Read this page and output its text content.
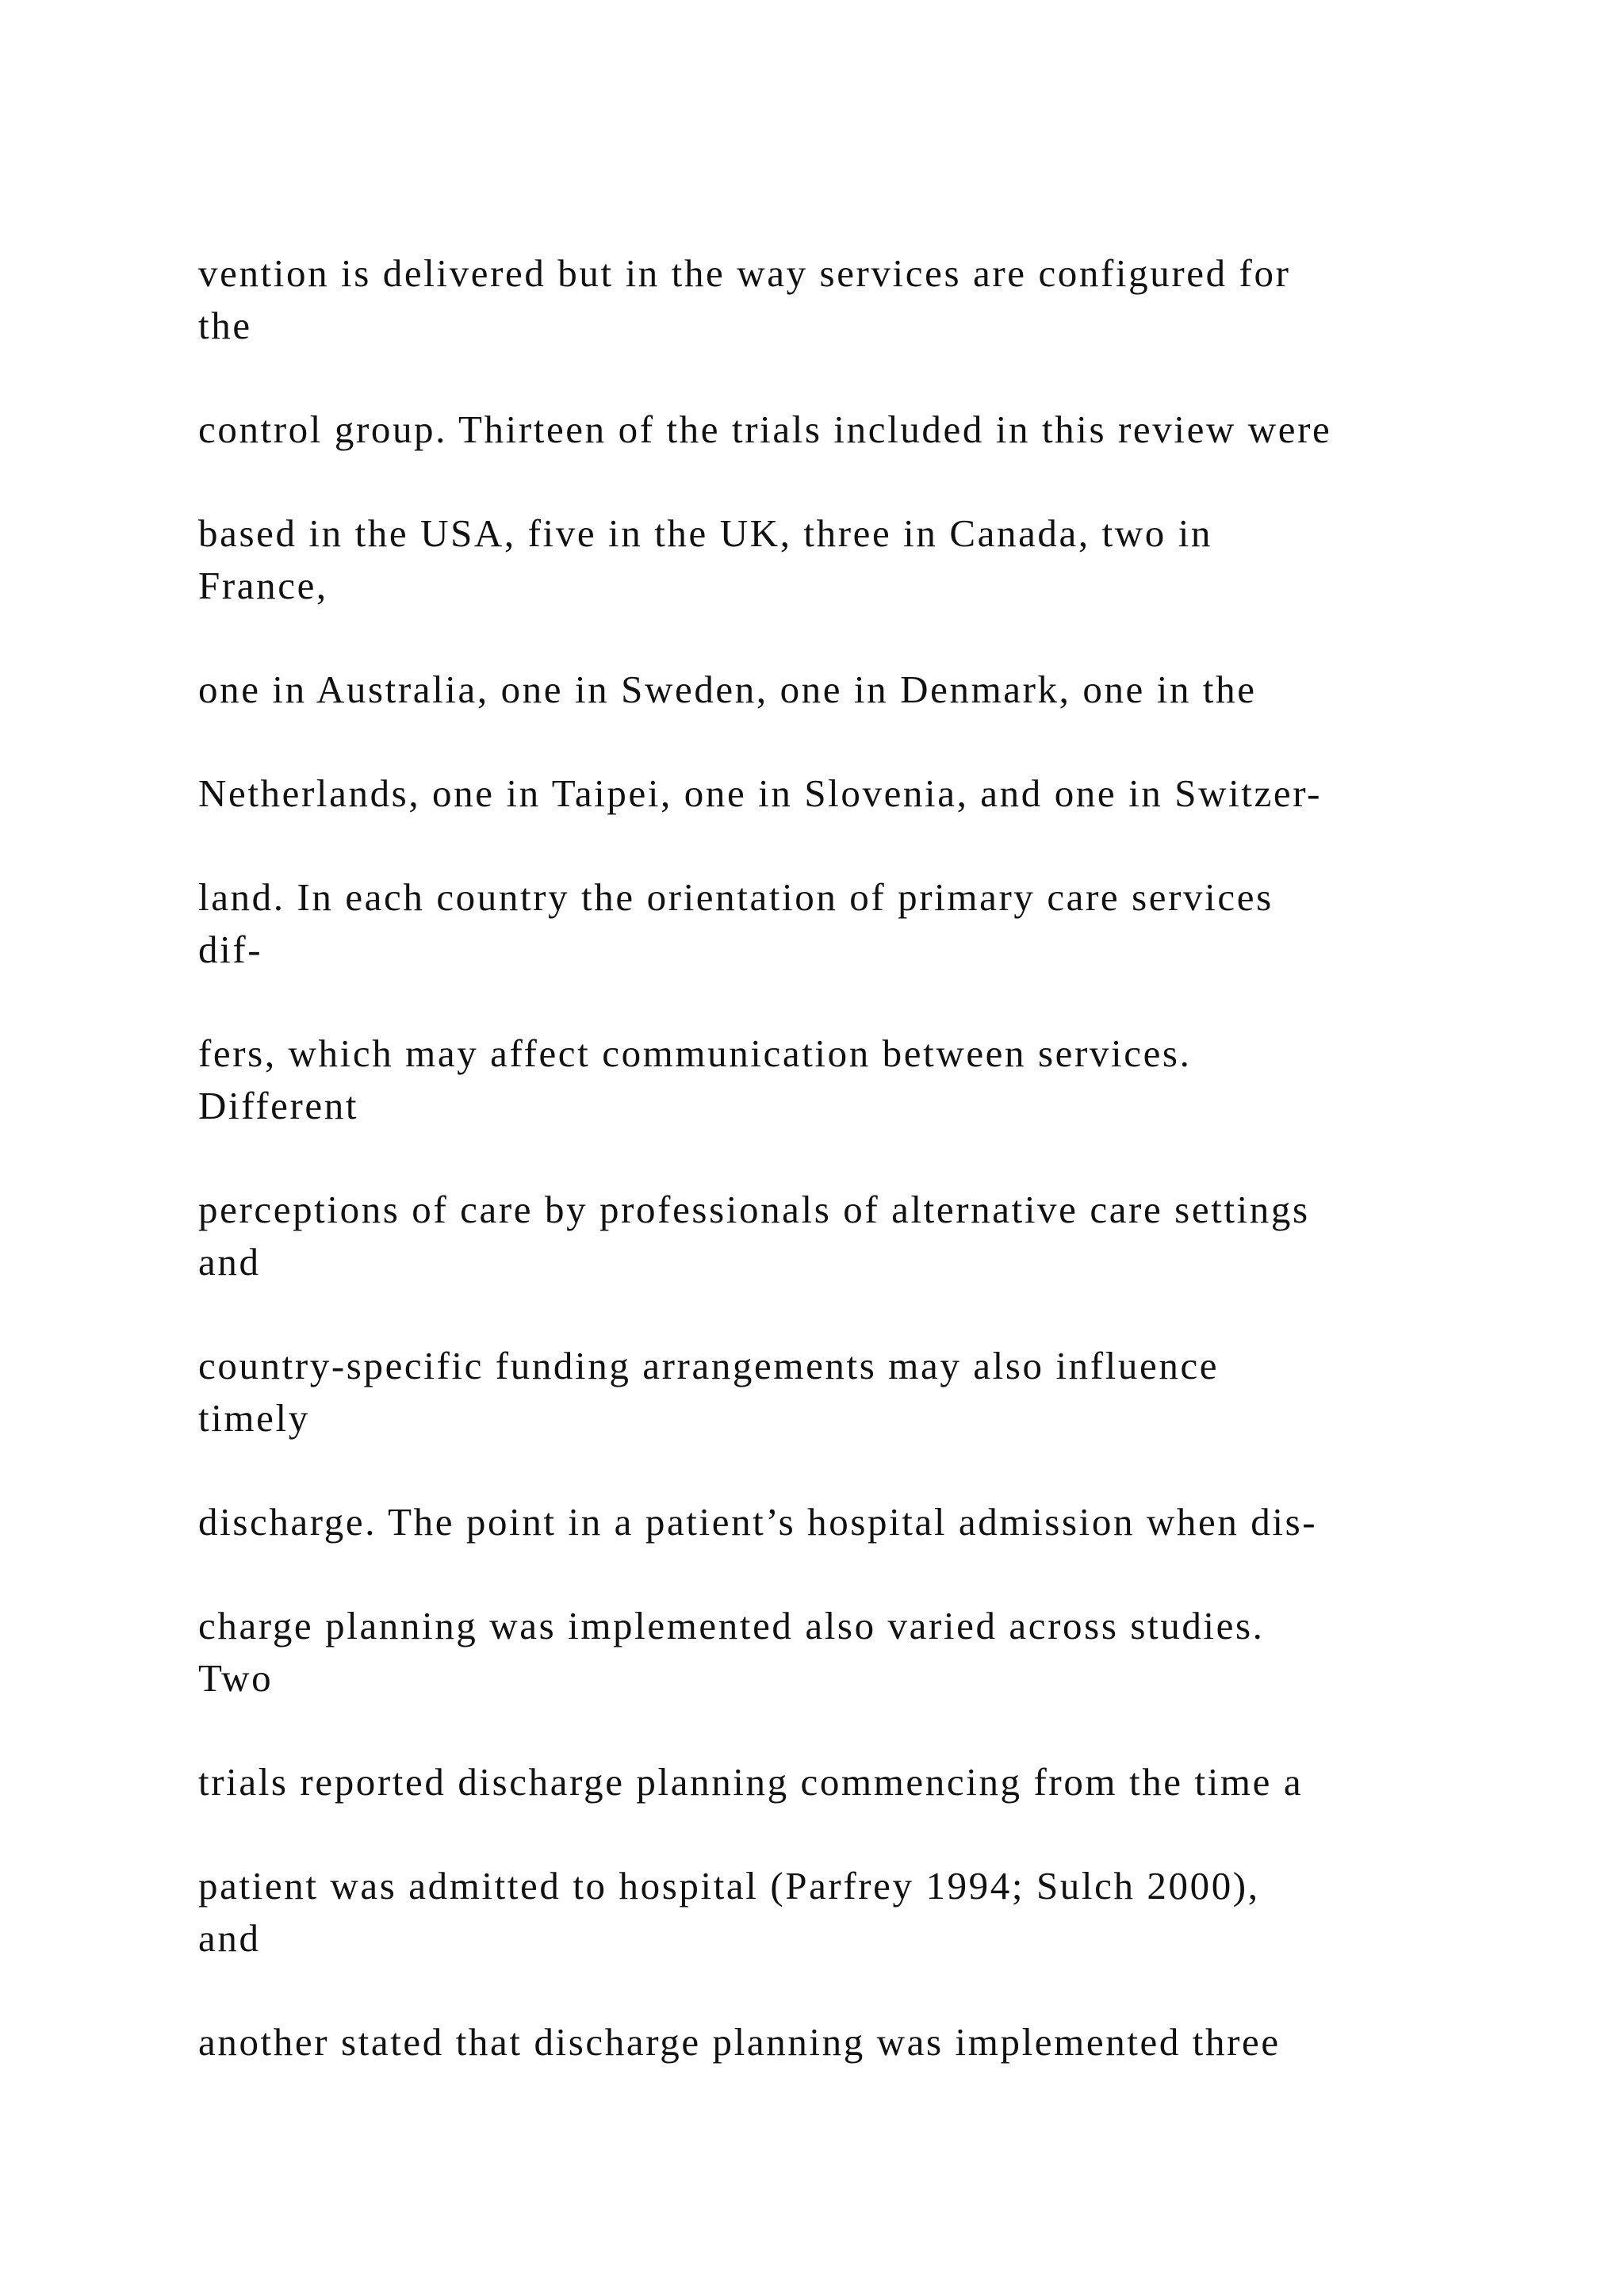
vention is delivered but in the way services are configured for
the

control group. Thirteen of the trials included in this review were

based in the USA, five in the UK, three in Canada, two in
France,

one in Australia, one in Sweden, one in Denmark, one in the

Netherlands, one in Taipei, one in Slovenia, and one in Switzer-

land. In each country the orientation of primary care services
dif-

fers, which may affect communication between services.
Different

perceptions of care by professionals of alternative care settings
and

country-specific funding arrangements may also influence
timely

discharge. The point in a patient’s hospital admission when dis-

charge planning was implemented also varied across studies.
Two

trials reported discharge planning commencing from the time a

patient was admitted to hospital (Parfrey 1994; Sulch 2000),
and

another stated that discharge planning was implemented three
